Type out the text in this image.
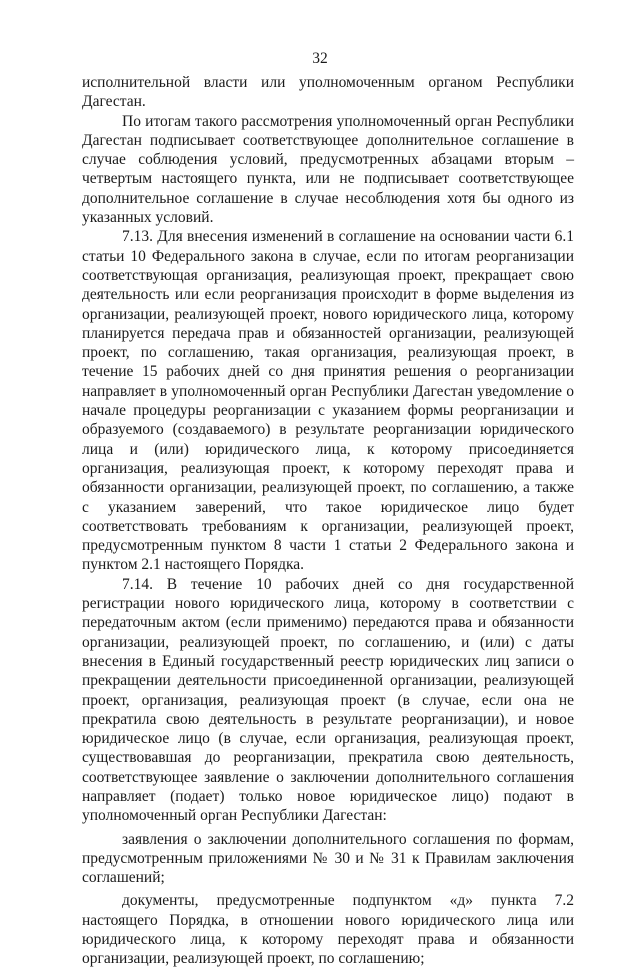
32

исполнительной власти или уполномоченным органом Республики Дагестан.

По итогам такого рассмотрения уполномоченный орган Республики Дагестан подписывает соответствующее дополнительное соглашение в случае соблюдения условий, предусмотренных абзацами вторым – четвертым настоящего пункта, или не подписывает соответствующее дополнительное соглашение в случае несоблюдения хотя бы одного из указанных условий.

7.13. Для внесения изменений в соглашение на основании части 6.1 статьи 10 Федерального закона в случае, если по итогам реорганизации соответствующая организация, реализующая проект, прекращает свою деятельность или если реорганизация происходит в форме выделения из организации, реализующей проект, нового юридического лица, которому планируется передача прав и обязанностей организации, реализующей проект, по соглашению, такая организация, реализующая проект, в течение 15 рабочих дней со дня принятия решения о реорганизации направляет в уполномоченный орган Республики Дагестан уведомление о начале процедуры реорганизации с указанием формы реорганизации и образуемого (создаваемого) в результате реорганизации юридического лица и (или) юридического лица, к которому присоединяется организация, реализующая проект, к которому переходят права и обязанности организации, реализующей проект, по соглашению, а также с указанием заверений, что такое юридическое лицо будет соответствовать требованиям к организации, реализующей проект, предусмотренным пунктом 8 части 1 статьи 2 Федерального закона и пунктом 2.1 настоящего Порядка.

7.14. В течение 10 рабочих дней со дня государственной регистрации нового юридического лица, которому в соответствии с передаточным актом (если применимо) передаются права и обязанности организации, реализующей проект, по соглашению, и (или) с даты внесения в Единый государственный реестр юридических лиц записи о прекращении деятельности присоединенной организации, реализующей проект, организация, реализующая проект (в случае, если она не прекратила свою деятельность в результате реорганизации), и новое юридическое лицо (в случае, если организация, реализующая проект, существовавшая до реорганизации, прекратила свою деятельность, соответствующее заявление о заключении дополнительного соглашения направляет (подает) только новое юридическое лицо) подают в уполномоченный орган Республики Дагестан:

заявления о заключении дополнительного соглашения по формам, предусмотренным приложениями № 30 и № 31 к Правилам заключения соглашений;

документы, предусмотренные подпунктом «д» пункта 7.2 настоящего Порядка, в отношении нового юридического лица или юридического лица, к которому переходят права и обязанности организации, реализующей проект, по соглашению;
